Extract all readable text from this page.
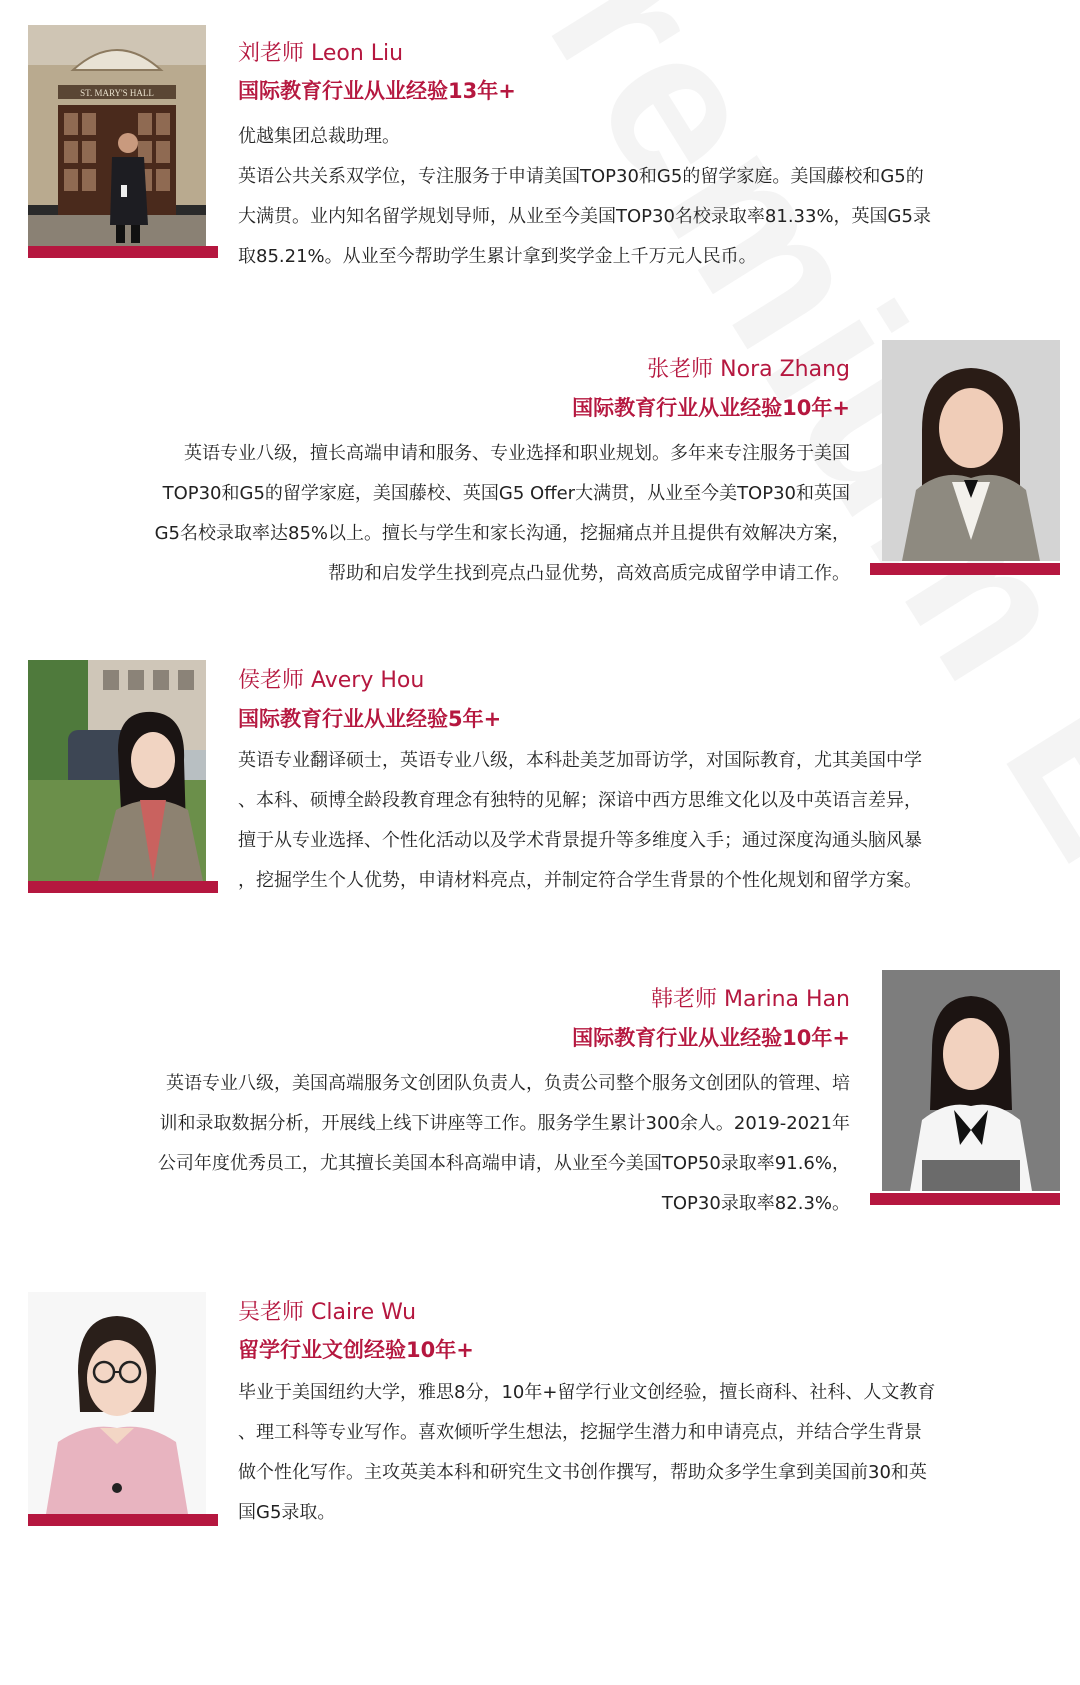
ST. MARY'S HALL
刘老师 Leon Liu
国际教育行业从业经验13年+
优越集团总裁助理。
英语公共关系双学位，专注服务于申请美国TOP30和G5的留学家庭。美国藤校和G5的
大满贯。业内知名留学规划导师，从业至今美国TOP30名校录取率81.33%，英国G5录
取85.21%。从业至今帮助学生累计拿到奖学金上千万元人民币。
张老师 Nora Zhang
国际教育行业从业经验10年+
英语专业八级，擅长高端申请和服务、专业选择和职业规划。多年来专注服务于美国
TOP30和G5的留学家庭，美国藤校、英国G5 Offer大满贯，从业至今美TOP30和英国
G5名校录取率达85%以上。擅长与学生和家长沟通，挖掘痛点并且提供有效解决方案，
帮助和启发学生找到亮点凸显优势，高效高质完成留学申请工作。
侯老师 Avery Hou
国际教育行业从业经验5年+
英语专业翻译硕士，英语专业八级，本科赴美芝加哥访学，对国际教育，尤其美国中学
、本科、硕博全龄段教育理念有独特的见解；深谙中西方思维文化以及中英语言差异，
擅于从专业选择、个性化活动以及学术背景提升等多维度入手；通过深度沟通头脑风暴
，挖掘学生个人优势，申请材料亮点，并制定符合学生背景的个性化规划和留学方案。
韩老师 Marina Han
国际教育行业从业经验10年+
英语专业八级，美国高端服务文创团队负责人，负责公司整个服务文创团队的管理、培
训和录取数据分析，开展线上线下讲座等工作。服务学生累计300余人。2019-2021年
公司年度优秀员工，尤其擅长美国本科高端申请，从业至今美国TOP50录取率91.6%，
TOP30录取率82.3%。
吴老师 Claire Wu
留学行业文创经验10年+
毕业于美国纽约大学，雅思8分，10年+留学行业文创经验，擅长商科、社科、人文教育
、理工科等专业写作。喜欢倾听学生想法，挖掘学生潜力和申请亮点，并结合学生背景
做个性化写作。主攻英美本科和研究生文书创作撰写，帮助众多学生拿到美国前30和英
国G5录取。
